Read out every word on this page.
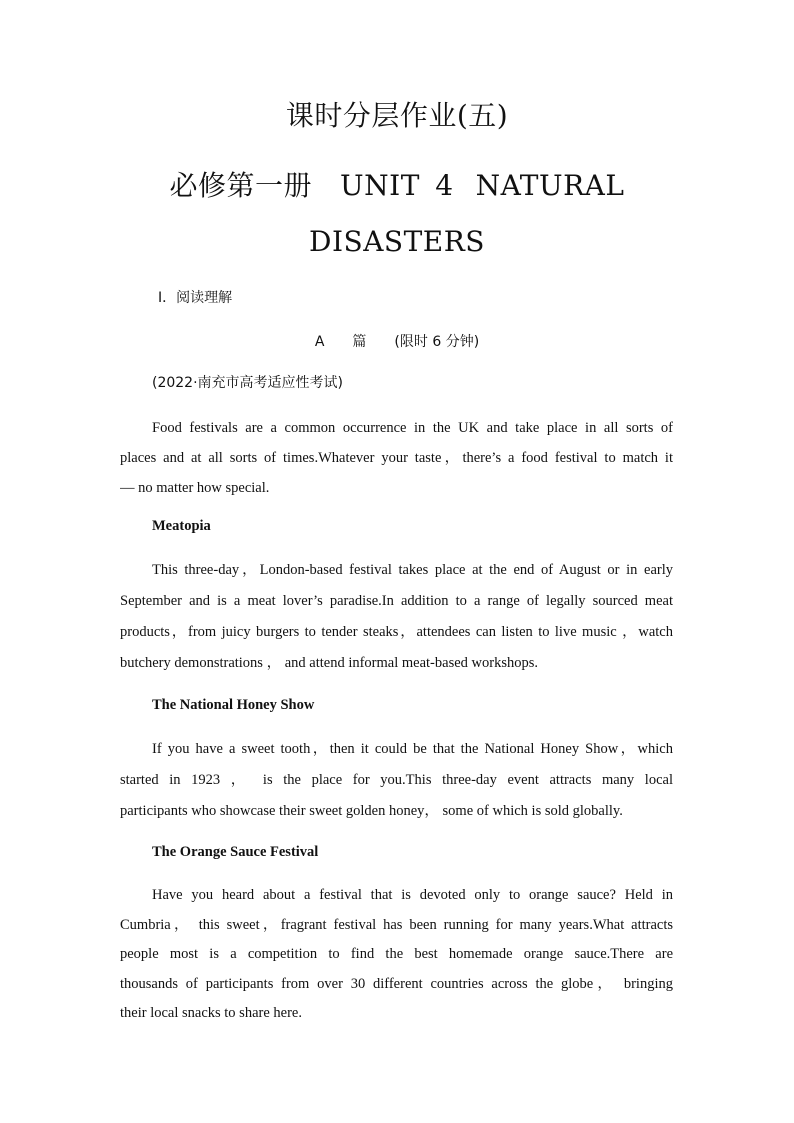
课时分层作业(五)
必修第一册 UNIT 4 NATURAL
DISASTERS

Ⅰ．阅读理解

A 篇 (限时 6 分钟)

(2022·南充市高考适应性考试)

Food festivals are a common occurrence in the UK and take place in all sorts of
places and at all sorts of times.Whatever your taste，there’s a food festival to match it
— no matter how special.

Meatopia

This three-day，London-based festival takes place at the end of August or in early
September and is a meat lover’s paradise.In addition to a range of legally sourced meat
products，from juicy burgers to tender steaks，attendees can listen to live music ，watch
butchery demonstrations ， and attend informal meat-based workshops.

The National Honey Show

If you have a sweet tooth，then it could be that the National Honey Show，which
started in 1923 ， is the place for you.This three-day event attracts many local
participants who showcase their sweet golden honey， some of which is sold globally.

The Orange Sauce Festival

Have you heard about a festival that is devoted only to orange sauce? Held in
Cumbria， this sweet，fragrant festival has been running for many years.What attracts
people most is a competition to find the best homemade orange sauce.There are
thousands of participants from over 30 different countries across the globe， bringing
their local snacks to share here.
